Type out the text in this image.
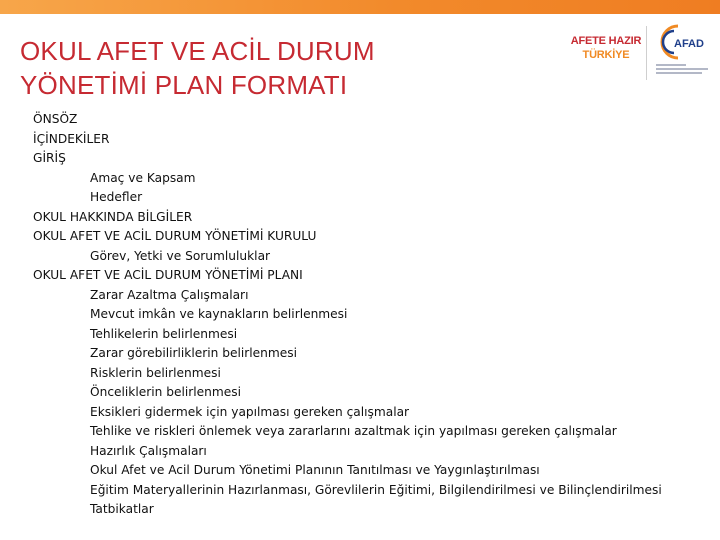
OKUL AFET VE ACİL DURUM
YÖNETİMİ PLAN FORMATI
AFETE HAZIR
TÜRKİYE
AFAD
ÖNSÖZ
İÇİNDEKİLER
GİRİŞ
Amaç ve Kapsam
Hedefler
OKUL HAKKINDA BİLGİLER
OKUL AFET VE ACİL DURUM YÖNETİMİ KURULU
Görev, Yetki ve Sorumluluklar
OKUL AFET VE ACİL DURUM YÖNETİMİ PLANI
Zarar Azaltma Çalışmaları
Mevcut imkân ve kaynakların belirlenmesi
Tehlikelerin belirlenmesi
Zarar görebilirliklerin belirlenmesi
Risklerin belirlenmesi
Önceliklerin belirlenmesi
Eksikleri gidermek için yapılması gereken çalışmalar
Tehlike ve riskleri önlemek veya zararlarını azaltmak için yapılması gereken çalışmalar
Hazırlık Çalışmaları
Okul Afet ve Acil Durum Yönetimi Planının Tanıtılması ve Yaygınlaştırılması
Eğitim Materyallerinin Hazırlanması, Görevlilerin Eğitimi, Bilgilendirilmesi ve Bilinçlendirilmesi
Tatbikatlar
